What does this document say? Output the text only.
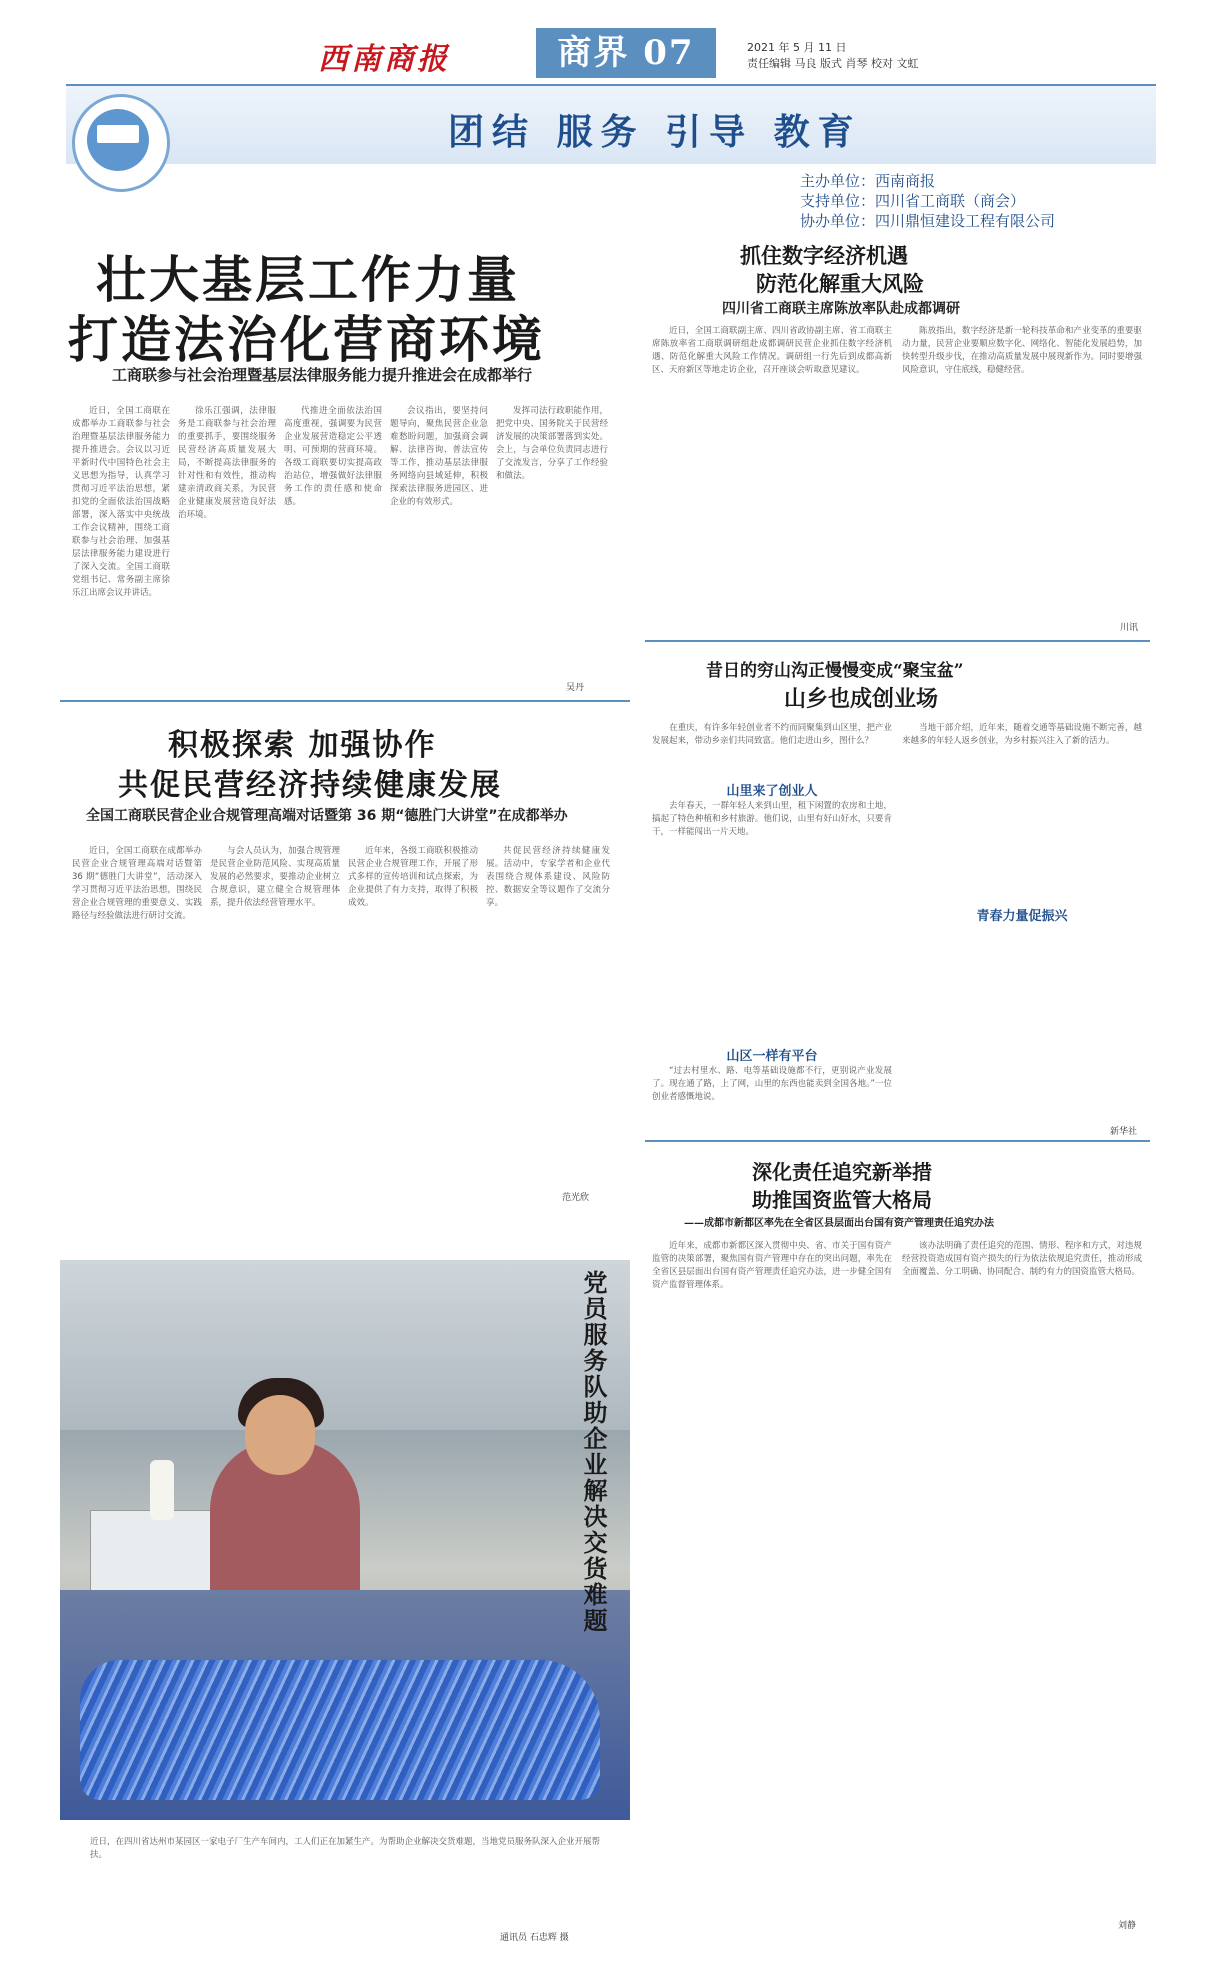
西南商报	商界 07	2021 年 5 月 11 日
责任编辑 马良 版式 肖琴 校对 文虹
团结 服务 引导 教育
主办单位：西南商报
支持单位：四川省工商联（商会）
协办单位：四川鼎恒建设工程有限公司
壮大基层工作力量
打造法治化营商环境
工商联参与社会治理暨基层法律服务能力提升推进会在成都举行

近日，全国工商联在成都举办工商联参与社会治理暨基层法律服务能力提升推进会。会议以习近平新时代中国特色社会主义思想为指导，认真学习贯彻习近平法治思想，紧扣党的全面依法治国战略部署，深入落实中央统战工作会议精神，围绕工商联参与社会治理、加强基层法律服务能力建设进行了深入交流。全国工商联党组书记、常务副主席徐乐江出席会议并讲话。

徐乐江强调，法律服务是工商联参与社会治理的重要抓手，要围绕服务民营经济高质量发展大局，不断提高法律服务的针对性和有效性，推动构建亲清政商关系，为民营企业健康发展营造良好法治环境。

代推进全面依法治国高度重视，强调要为民营企业发展营造稳定公平透明、可预期的营商环境。各级工商联要切实提高政治站位，增强做好法律服务工作的责任感和使命感。

会议指出，要坚持问题导向，聚焦民营企业急难愁盼问题，加强商会调解、法律咨询、普法宣传等工作，推动基层法律服务网络向县域延伸，积极探索法律服务进园区、进企业的有效形式。

发挥司法行政职能作用，把党中央、国务院关于民营经济发展的决策部署落到实处。会上，与会单位负责同志进行了交流发言，分享了工作经验和做法。

吴丹
积极探索 加强协作
共促民营经济持续健康发展
全国工商联民营企业合规管理高端对话暨第 36 期“德胜门大讲堂”在成都举办

近日，全国工商联在成都举办民营企业合规管理高端对话暨第 36 期“德胜门大讲堂”，活动深入学习贯彻习近平法治思想，围绕民营企业合规管理的重要意义、实践路径与经验做法进行研讨交流。

与会人员认为，加强合规管理是民营企业防范风险、实现高质量发展的必然要求，要推动企业树立合规意识，建立健全合规管理体系，提升依法经营管理水平。

近年来，各级工商联积极推动民营企业合规管理工作，开展了形式多样的宣传培训和试点探索，为企业提供了有力支持，取得了积极成效。

共促民营经济持续健康发展。活动中，专家学者和企业代表围绕合规体系建设、风险防控、数据安全等议题作了交流分享。

范光欣
抓住数字经济机遇
防范化解重大风险
四川省工商联主席陈放率队赴成都调研

近日，全国工商联副主席、四川省政协副主席、省工商联主席陈放率省工商联调研组赴成都调研民营企业抓住数字经济机遇、防范化解重大风险工作情况。调研组一行先后到成都高新区、天府新区等地走访企业，召开座谈会听取意见建议。

陈放指出，数字经济是新一轮科技革命和产业变革的重要驱动力量，民营企业要顺应数字化、网络化、智能化发展趋势，加快转型升级步伐，在推动高质量发展中展现新作为。同时要增强风险意识，守住底线，稳健经营。

川讯
昔日的穷山沟正慢慢变成“聚宝盆”
山乡也成创业场

在重庆，有许多年轻创业者不约而同聚集到山区里，把产业发展起来，带动乡亲们共同致富。他们走进山乡，图什么？

山里来了创业人

去年春天，一群年轻人来到山里，租下闲置的农房和土地，搞起了特色种植和乡村旅游。他们说，山里有好山好水，只要肯干，一样能闯出一片天地。

青春力量促振兴

当地干部介绍，近年来，随着交通等基础设施不断完善，越来越多的年轻人返乡创业，为乡村振兴注入了新的活力。

山区一样有平台

“过去村里水、路、电等基础设施都不行，更别说产业发展了。现在通了路，上了网，山里的东西也能卖到全国各地。”一位创业者感慨地说。

新华社
深化责任追究新举措
助推国资监管大格局
——成都市新都区率先在全省区县层面出台国有资产管理责任追究办法

近年来，成都市新都区深入贯彻中央、省、市关于国有资产监管的决策部署，聚焦国有资产管理中存在的突出问题，率先在全省区县层面出台国有资产管理责任追究办法，进一步健全国有资产监督管理体系。

该办法明确了责任追究的范围、情形、程序和方式，对违规经营投资造成国有资产损失的行为依法依规追究责任，推动形成全面覆盖、分工明确、协同配合、制约有力的国资监管大格局。

刘静
党员服务队助企业解决交货难题
近日，在四川省达州市某园区一家电子厂生产车间内，工人们正在加紧生产。为帮助企业解决交货难题，当地党员服务队深入企业开展帮扶。
通讯员 石忠辉 摄
